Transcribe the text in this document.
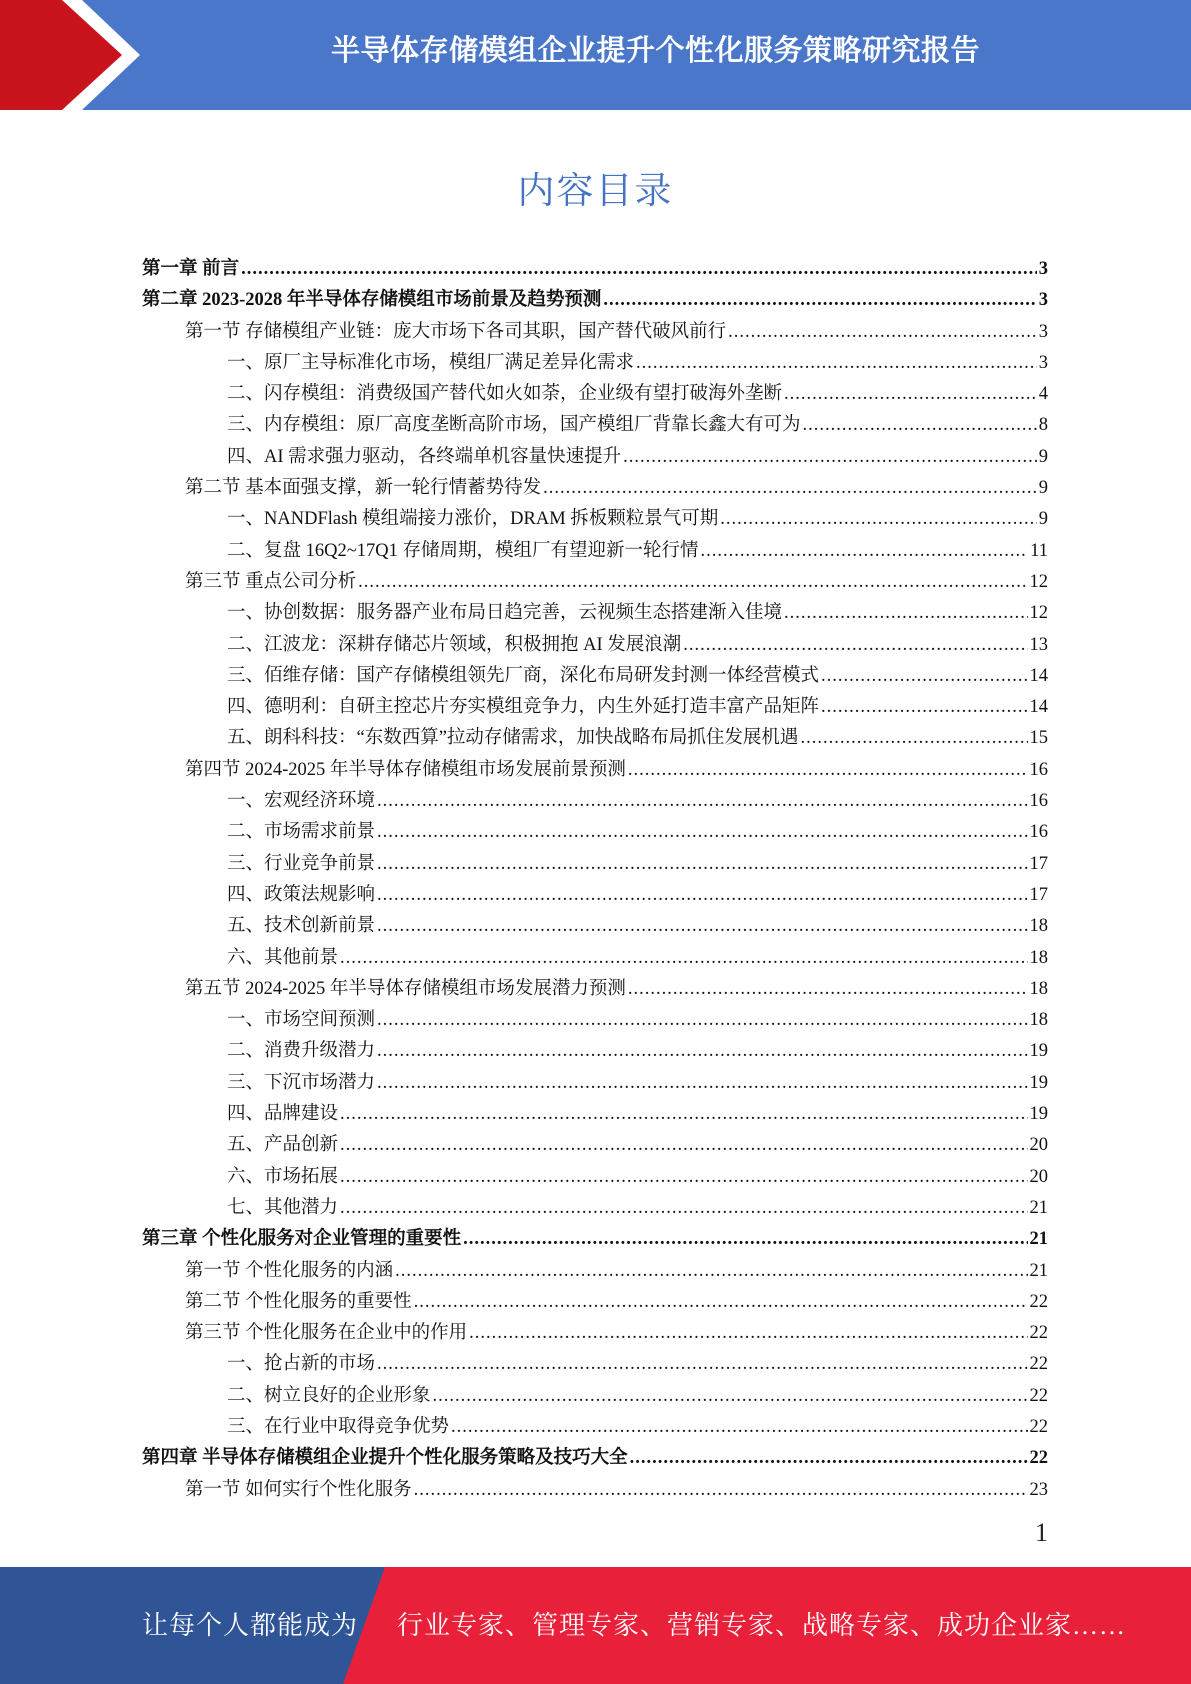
半导体存储模组企业提升个性化服务策略研究报告
内容目录
第一章 前言 .....	3
第二章 2023-2028 年半导体存储模组市场前景及趋势预测 .....	3
第一节 存储模组产业链：庞大市场下各司其职，国产替代破风前行 .....	3
一、原厂主导标准化市场，模组厂满足差异化需求 .....	3
二、闪存模组：消费级国产替代如火如荼，企业级有望打破海外垄断 .....	4
三、内存模组：原厂高度垄断高阶市场，国产模组厂背靠长鑫大有可为 .....	8
四、AI 需求强力驱动，各终端单机容量快速提升 .....	9
第二节 基本面强支撑，新一轮行情蓄势待发 .....	9
一、NANDFlash 模组端接力涨价，DRAM 拆板颗粒景气可期 .....	9
二、复盘 16Q2~17Q1 存储周期，模组厂有望迎新一轮行情 .....	11
第三节 重点公司分析 .....	12
一、协创数据：服务器产业布局日趋完善，云视频生态搭建渐入佳境 .....	12
二、江波龙：深耕存储芯片领域，积极拥抱 AI 发展浪潮 .....	13
三、佰维存储：国产存储模组领先厂商，深化布局研发封测一体经营模式 .....	14
四、德明利：自研主控芯片夯实模组竞争力，内生外延打造丰富产品矩阵 .....	14
五、朗科科技：“东数西算”拉动存储需求，加快战略布局抓住发展机遇 .....	15
第四节 2024-2025 年半导体存储模组市场发展前景预测 .....	16
一、宏观经济环境 .....	16
二、市场需求前景 .....	16
三、行业竞争前景 .....	17
四、政策法规影响 .....	17
五、技术创新前景 .....	18
六、其他前景 .....	18
第五节 2024-2025 年半导体存储模组市场发展潜力预测 .....	18
一、市场空间预测 .....	18
二、消费升级潜力 .....	19
三、下沉市场潜力 .....	19
四、品牌建设 .....	19
五、产品创新 .....	20
六、市场拓展 .....	20
七、其他潜力 .....	21
第三章 个性化服务对企业管理的重要性 .....	21
第一节 个性化服务的内涵 .....	21
第二节 个性化服务的重要性 .....	22
第三节 个性化服务在企业中的作用 .....	22
一、抢占新的市场 .....	22
二、树立良好的企业形象 .....	22
三、在行业中取得竞争优势 .....	22
第四章 半导体存储模组企业提升个性化服务策略及技巧大全 .....	22
第一节 如何实行个性化服务 .....	23
1
让每个人都能成为 行业专家、管理专家、营销专家、战略专家、成功企业家……
